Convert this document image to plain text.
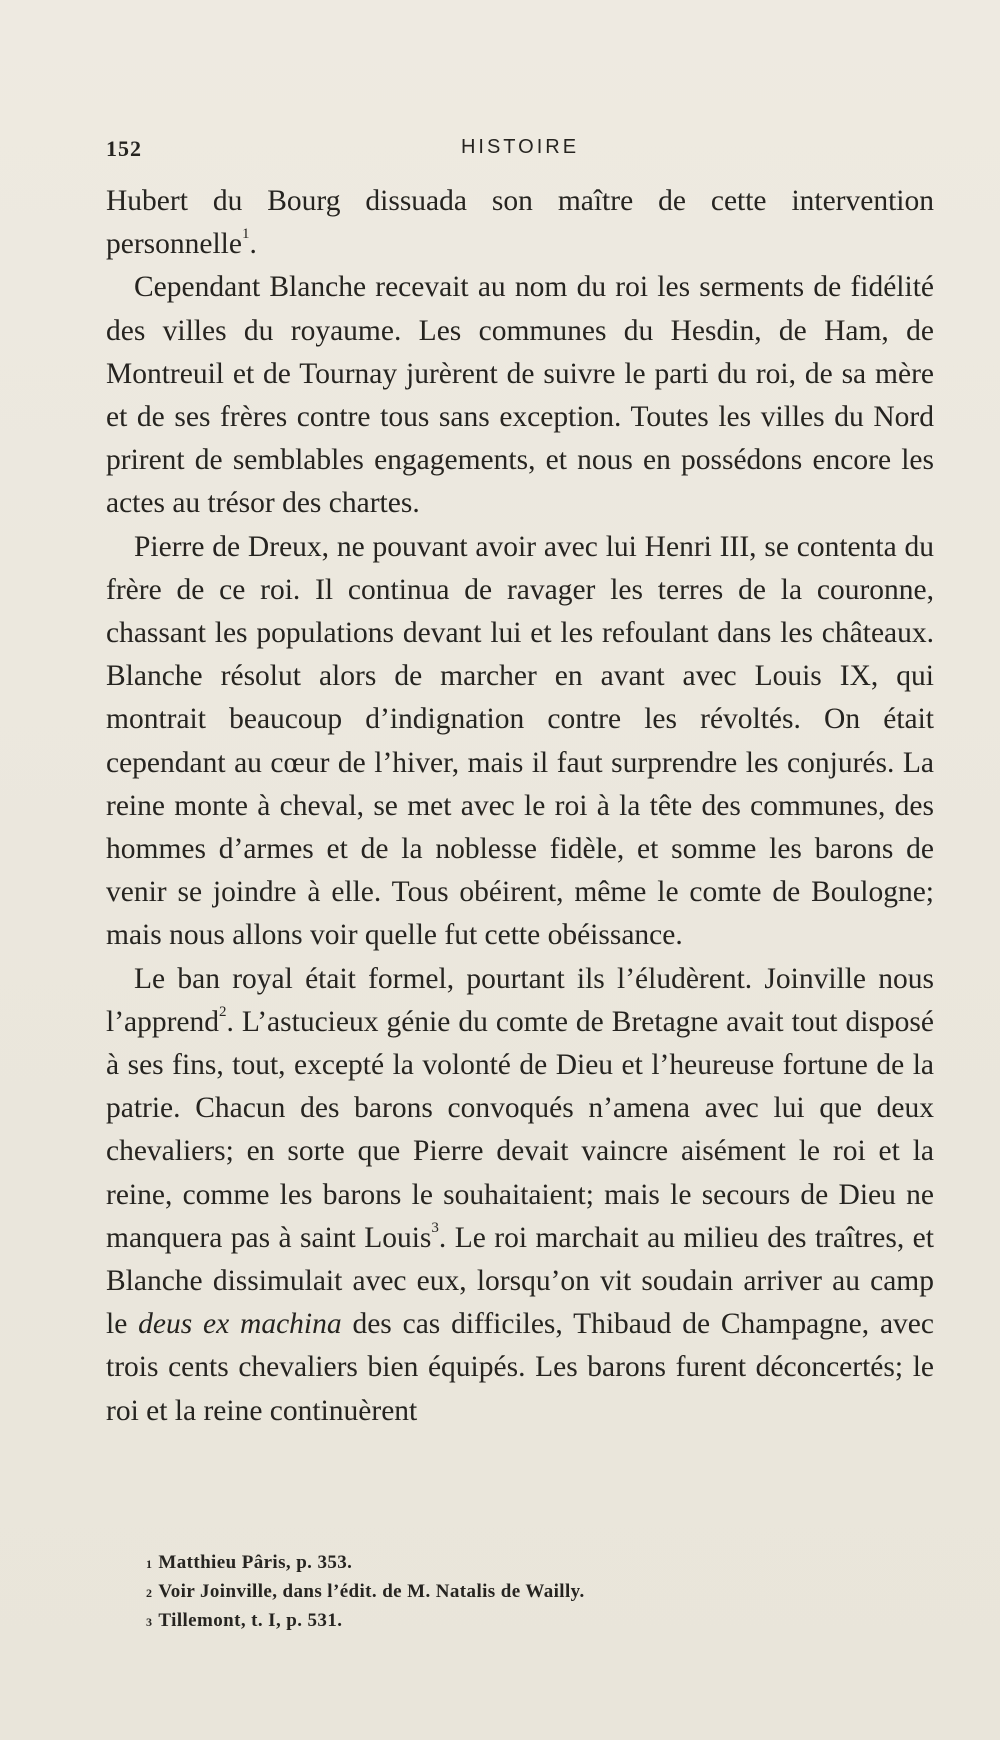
152	HISTOIRE

Hubert du Bourg dissuada son maître de cette intervention personnelle$^1$.

Cependant Blanche recevait au nom du roi les serments de fidélité des villes du royaume. Les communes du Hesdin, de Ham, de Montreuil et de Tournay jurèrent de suivre le parti du roi, de sa mère et de ses frères contre tous sans exception. Toutes les villes du Nord prirent de semblables engagements, et nous en possédons encore les actes au trésor des chartes.

Pierre de Dreux, ne pouvant avoir avec lui Henri III, se contenta du frère de ce roi. Il continua de ravager les terres de la couronne, chassant les populations devant lui et les refoulant dans les châteaux. Blanche résolut alors de marcher en avant avec Louis IX, qui montrait beaucoup d’indignation contre les révoltés. On était cependant au cœur de l’hiver, mais il faut surprendre les conjurés. La reine monte à cheval, se met avec le roi à la tête des communes, des hommes d’armes et de la noblesse fidèle, et somme les barons de venir se joindre à elle. Tous obéirent, même le comte de Boulogne; mais nous allons voir quelle fut cette obéissance.

Le ban royal était formel, pourtant ils l’éludèrent. Joinville nous l’apprend$^2$. L’astucieux génie du comte de Bretagne avait tout disposé à ses fins, tout, excepté la volonté de Dieu et l’heureuse fortune de la patrie. Chacun des barons convoqués n’amena avec lui que deux chevaliers; en sorte que Pierre devait vaincre aisément le roi et la reine, comme les barons le souhaitaient; mais le secours de Dieu ne manquera pas à saint Louis$^3$. Le roi marchait au milieu des traîtres, et Blanche dissimulait avec eux, lorsqu’on vit soudain arriver au camp le deus ex machina des cas difficiles, Thibaud de Champagne, avec trois cents chevaliers bien équipés. Les barons furent déconcertés; le roi et la reine continuèrent

$^1$ Matthieu Pâris, p. 353.
$^2$ Voir Joinville, dans l’édit. de M. Natalis de Wailly.
$^3$ Tillemont, t. I, p. 531.
